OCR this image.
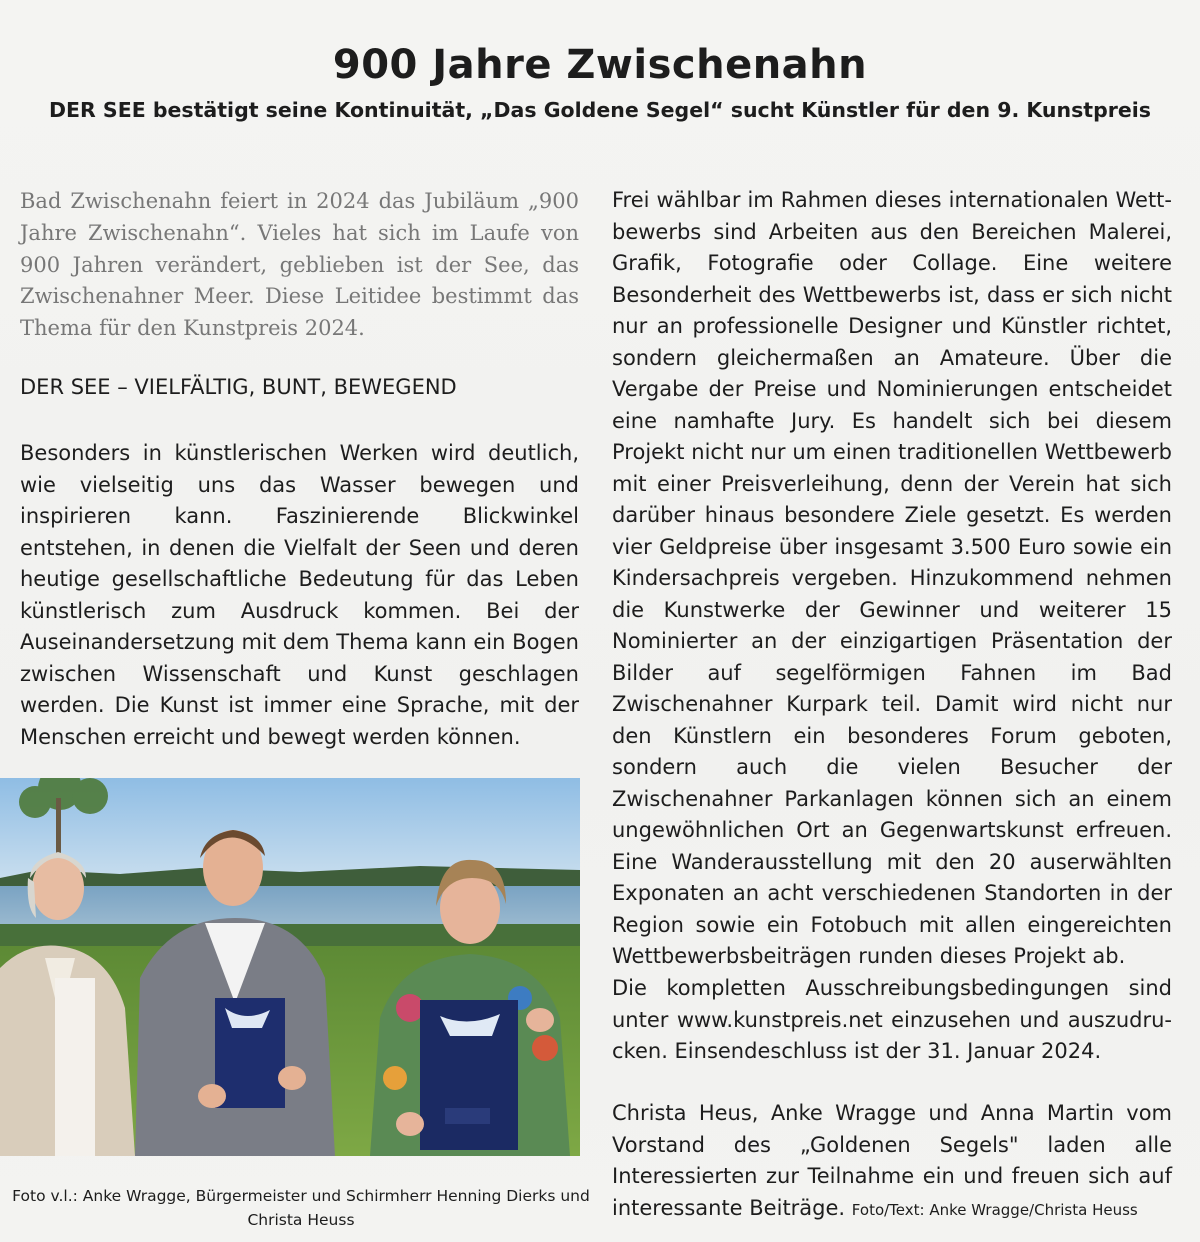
900 Jahre Zwischenahn
DER SEE bestätigt seine Kontinuität, „Das Goldene Segel“ sucht Künstler für den 9. Kunstpreis

Bad Zwischenahn feiert in 2024 das Jubiläum „900 Jahre Zwischenahn“. Vieles hat sich im Laufe von 900 Jahren verändert, geblieben ist der See, das Zwischenahner Meer. Diese Leitidee bestimmt das Thema für den Kunstpreis 2024.

DER SEE – VIELFÄLTIG, BUNT, BEWEGEND

Besonders in künstlerischen Werken wird deutlich, wie vielseitig uns das Wasser bewegen und inspirieren kann. Faszinierende Blickwinkel entstehen, in denen die Vielfalt der Seen und deren heutige gesellschaftliche Bedeutung für das Leben künstlerisch zum Ausdruck kommen. Bei der Auseinandersetzung mit dem Thema kann ein Bogen zwischen Wissenschaft und Kunst geschlagen werden. Die Kunst ist immer eine Sprache, mit der Menschen erreicht und bewegt werden können.

Foto v.l.: Anke Wragge, Bürgermeister und Schirmherr Henning Dierks und Christa Heuss

Frei wählbar im Rahmen dieses internationalen Wettbewerbs sind Arbeiten aus den Bereichen Malerei, Grafik, Fotografie oder Collage. Eine weitere Besonderheit des Wettbewerbs ist, dass er sich nicht nur an professionelle Designer und Künstler richtet, sondern gleichermaßen an Amateure. Über die Vergabe der Preise und Nominierungen entscheidet eine namhafte Jury. Es handelt sich bei diesem Projekt nicht nur um einen traditionellen Wettbewerb mit einer Preisverleihung, denn der Verein hat sich darüber hinaus besondere Ziele gesetzt. Es werden vier Geldpreise über insgesamt 3.500 Euro sowie ein Kindersachpreis vergeben. Hinzukommend nehmen die Kunstwerke der Gewinner und weiterer 15 Nominierter an der einzigartigen Präsentation der Bilder auf segelförmigen Fahnen im Bad Zwischenahner Kurpark teil. Damit wird nicht nur den Künstlern ein besonderes Forum geboten, sondern auch die vielen Besucher der Zwischenahner Parkanlagen können sich an einem ungewöhnlichen Ort an Gegenwartskunst erfreuen. Eine Wanderausstellung mit den 20 auserwählten Exponaten an acht verschiedenen Standorten in der Region sowie ein Fotobuch mit allen eingereichten Wettbewerbsbeiträgen runden dieses Projekt ab.

Die kompletten Ausschreibungsbedingungen sind unter www.kunstpreis.net einzusehen und auszudrucken. Einsendeschluss ist der 31. Januar 2024.

Christa Heus, Anke Wragge und Anna Martin vom Vorstand des „Goldenen Segels" laden alle Interessierten zur Teilnahme ein und freuen sich auf interessante Beiträge. Foto/Text: Anke Wragge/Christa Heuss
